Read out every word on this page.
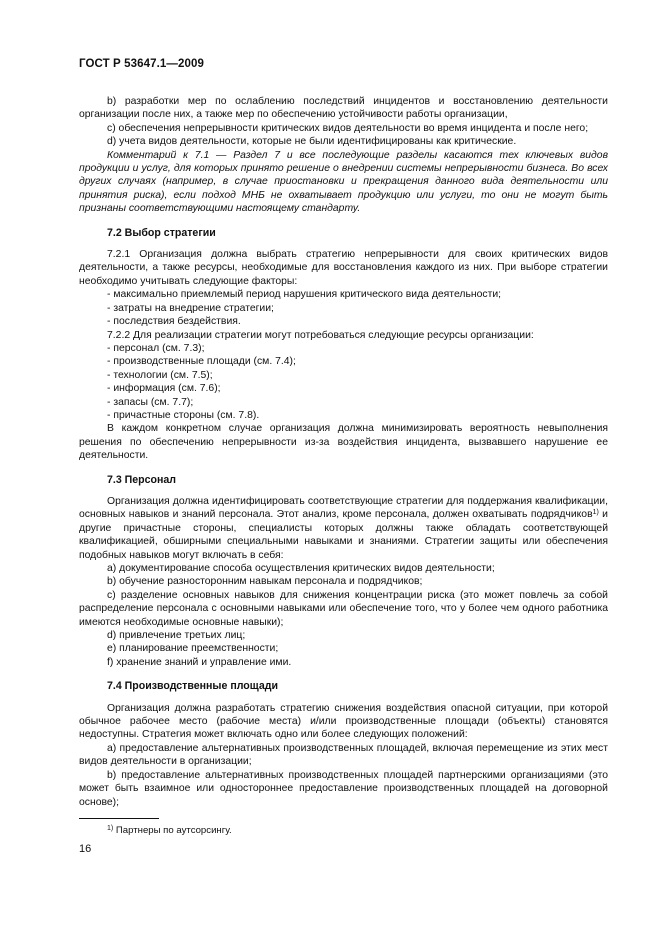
ГОСТ Р 53647.1—2009

b) разработки мер по ослаблению последствий инцидентов и восстановлению деятельности организации после них, а также мер по обеспечению устойчивости работы организации,

c) обеспечения непрерывности критических видов деятельности во время инцидента и после него;

d) учета видов деятельности, которые не были идентифицированы как критические.

Комментарий к 7.1 — Раздел 7 и все последующие разделы касаются тех ключевых видов продукции и услуг, для которых принято решение о внедрении системы непрерывности бизнеса. Во всех других случаях (например, в случае приостановки и прекращения данного вида деятельности или принятия риска), если подход МНБ не охватывает продукцию или услуги, то они не могут быть признаны соответствующими настоящему стандарту.

7.2 Выбор стратегии

7.2.1 Организация должна выбрать стратегию непрерывности для своих критических видов деятельности, а также ресурсы, необходимые для восстановления каждого из них. При выборе стратегии необходимо учитывать следующие факторы:

- максимально приемлемый период нарушения критического вида деятельности;

- затраты на внедрение стратегии;

- последствия бездействия.

7.2.2 Для реализации стратегии могут потребоваться следующие ресурсы организации:

- персонал (см. 7.3);

- производственные площади (см. 7.4);

- технологии (см. 7.5);

- информация (см. 7.6);

- запасы (см. 7.7);

- причастные стороны (см. 7.8).

В каждом конкретном случае организация должна минимизировать вероятность невыполнения решения по обеспечению непрерывности из-за воздействия инцидента, вызвавшего нарушение ее деятельности.

7.3 Персонал

Организация должна идентифицировать соответствующие стратегии для поддержания квалификации, основных навыков и знаний персонала. Этот анализ, кроме персонала, должен охватывать подрядчиков$^{1)}$ и другие причастные стороны, специалисты которых должны также обладать соответствующей квалификацией, обширными специальными навыками и знаниями. Стратегии защиты или обеспечения подобных навыков могут включать в себя:

a) документирование способа осуществления критических видов деятельности;

b) обучение разносторонним навыкам персонала и подрядчиков;

c) разделение основных навыков для снижения концентрации риска (это может повлечь за собой распределение персонала с основными навыками или обеспечение того, что у более чем одного работника имеются необходимые основные навыки);

d) привлечение третьих лиц;

e) планирование преемственности;

f) хранение знаний и управление ими.

7.4 Производственные площади

Организация должна разработать стратегию снижения воздействия опасной ситуации, при которой обычное рабочее место (рабочие места) и/или производственные площади (объекты) становятся недоступны. Стратегия может включать одно или более следующих положений:

a) предоставление альтернативных производственных площадей, включая перемещение из этих мест видов деятельности в организации;

b) предоставление альтернативных производственных площадей партнерскими организациями (это может быть взаимное или одностороннее предоставление производственных площадей на договорной основе);

$^{1)}$ Партнеры по аутсорсингу.
16
